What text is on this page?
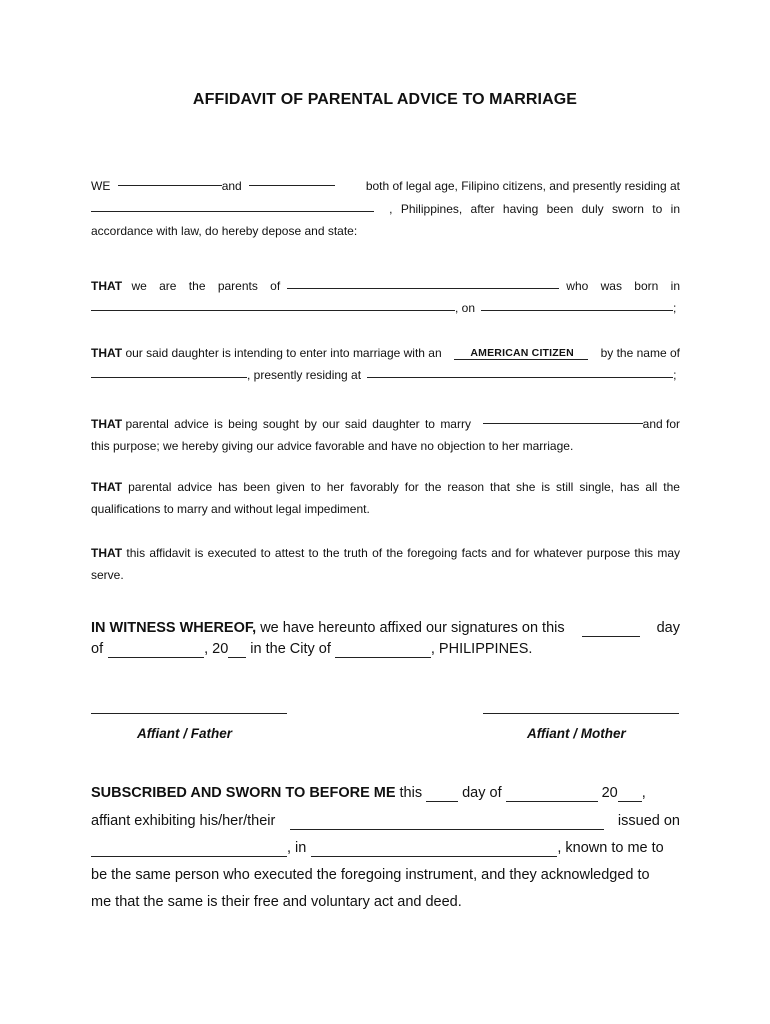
AFFIDAVIT OF PARENTAL ADVICE TO MARRIAGE
WE	and	both of legal age, Filipino citizens, and presently residing at
, Philippines, after having been duly sworn to in
accordance with law, do hereby depose and state:
THAT we are the parents of	who was born in
, on	;
THAT our said daughter is intending to enter into marriage with an	AMERICAN CITIZEN	by the name of
, presently residing at	;
THAT parental advice is being sought by our said daughter to marry	and for
this purpose; we hereby giving our advice favorable and have no objection to her marriage.
THAT parental advice has been given to her favorably for the reason that she is still single, has all the qualifications to marry and without legal impediment.
THAT this affidavit is executed to attest to the truth of the foregoing facts and for whatever purpose this may serve.
IN WITNESS WHEREOF, we have hereunto affixed our signatures on this	day
of	, 20 in the City of	, PHILIPPINES.
Affiant / Father	Affiant / Mother
SUBSCRIBED AND SWORN TO BEFORE ME this	day of	20 ,
affiant exhibiting his/her/their	issued on
, in	, known to me to
be the same person who executed the foregoing instrument, and they acknowledged to
me that the same is their free and voluntary act and deed.
